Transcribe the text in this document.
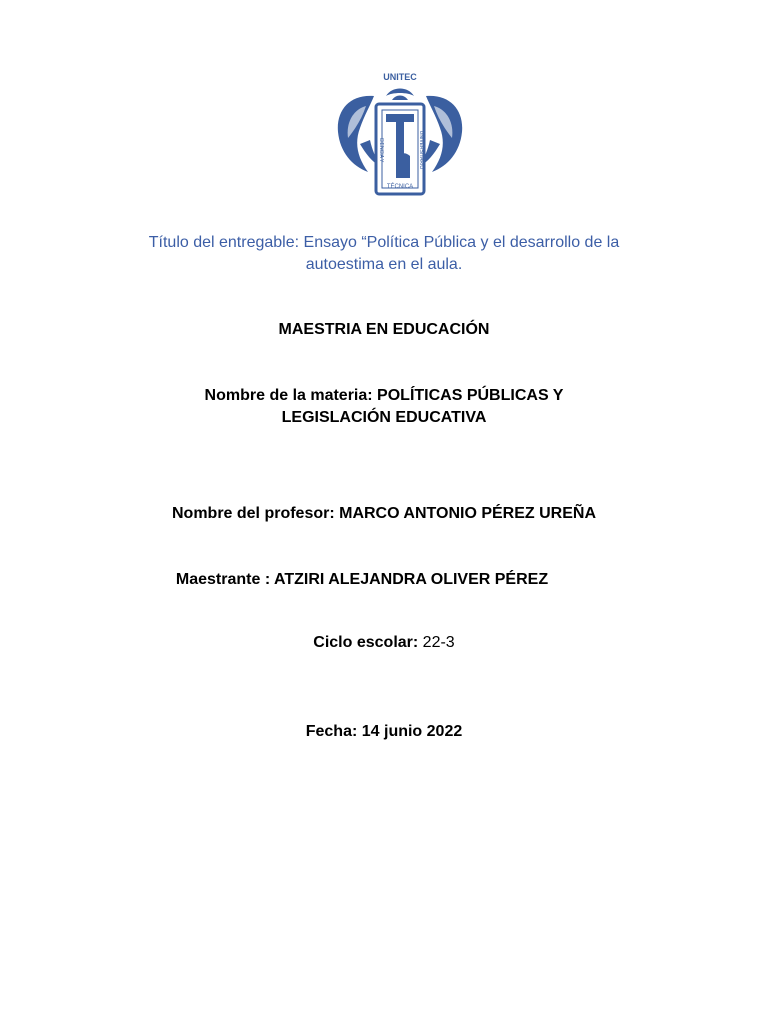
UNITEC
CIENCIA Y	UNIVERSITARIO
TÉCNICA
Título del entregable: Ensayo “Política Pública y el desarrollo de la
autoestima en el aula.
MAESTRIA EN EDUCACIÓN
Nombre de la materia: POLÍTICAS PÚBLICAS Y
LEGISLACIÓN EDUCATIVA
Nombre del profesor: MARCO ANTONIO PÉREZ UREÑA
Maestrante : ATZIRI ALEJANDRA OLIVER PÉREZ
Ciclo escolar: 22-3
Fecha: 14 junio 2022
